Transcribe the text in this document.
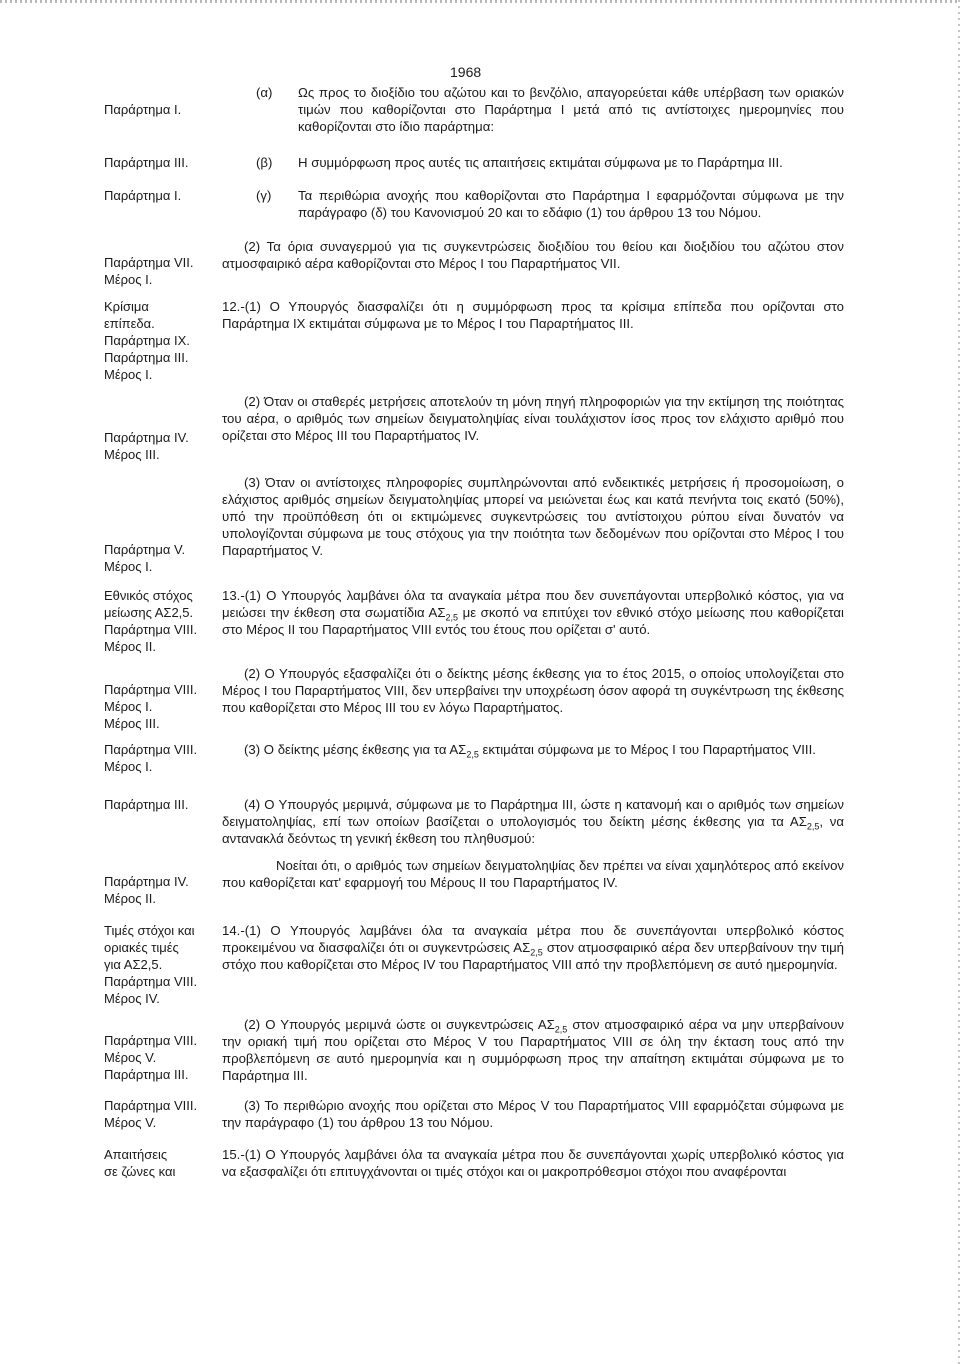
1968
Παράρτημα Ι.
Παράρτημα ΙΙΙ.
Παράρτημα Ι.
Παράρτημα VII.
Μέρος Ι.
Κρίσιμα
επίπεδα.
Παράρτημα ΙΧ.
Παράρτημα ΙΙΙ.
Μέρος Ι.
Παράρτημα IV.
Μέρος ΙΙΙ.
Παράρτημα V.
Μέρος Ι.
Εθνικός στόχος
μείωσης ΑΣ2,5.
Παράρτημα VIII.
Μέρος ΙΙ.
Παράρτημα VIII.
Μέρος Ι.
Μέρος ΙΙΙ.
Παράρτημα VIII.
Μέρος Ι.
Παράρτημα ΙΙΙ.
Παράρτημα IV.
Μέρος ΙΙ.
Τιμές στόχοι και
οριακές τιμές
για ΑΣ2,5.
Παράρτημα VIII.
Μέρος IV.
Παράρτημα VIII.
Μέρος V.
Παράρτημα ΙΙΙ.
Παράρτημα VIII.
Μέρος V.
Απαιτήσεις
σε ζώνες και
(α) Ως προς το διοξίδιο του αζώτου και το βενζόλιο, απαγορεύεται κάθε υπέρβαση των οριακών τιμών που καθορίζονται στο Παράρτημα Ι μετά από τις αντίστοιχες ημερομηνίες που καθορίζονται στο ίδιο παράρτημα:
(β) Η συμμόρφωση προς αυτές τις απαιτήσεις εκτιμάται σύμφωνα με το Παράρτημα ΙΙΙ.
(γ) Τα περιθώρια ανοχής που καθορίζονται στο Παράρτημα Ι εφαρμόζονται σύμφωνα με την παράγραφο (δ) του Κανονισμού 20 και το εδάφιο (1) του άρθρου 13 του Νόμου.
(2) Τα όρια συναγερμού για τις συγκεντρώσεις διοξιδίου του θείου και διοξιδίου του αζώτου στον ατμοσφαιρικό αέρα καθορίζονται στο Μέρος Ι του Παραρτήματος VII.
12.-(1) Ο Υπουργός διασφαλίζει ότι η συμμόρφωση προς τα κρίσιμα επίπεδα που ορίζονται στο Παράρτημα ΙΧ εκτιμάται σύμφωνα με το Μέρος Ι του Παραρτήματος ΙΙΙ.
(2) Όταν οι σταθερές μετρήσεις αποτελούν τη μόνη πηγή πληροφοριών για την εκτίμηση της ποιότητας του αέρα, ο αριθμός των σημείων δειγματοληψίας είναι τουλάχιστον ίσος προς τον ελάχιστο αριθμό που ορίζεται στο Μέρος ΙΙΙ του Παραρτήματος IV.
(3) Όταν οι αντίστοιχες πληροφορίες συμπληρώνονται από ενδεικτικές μετρήσεις ή προσομοίωση, ο ελάχιστος αριθμός σημείων δειγματοληψίας μπορεί να μειώνεται έως και κατά πενήντα τοις εκατό (50%), υπό την προϋπόθεση ότι οι εκτιμώμενες συγκεντρώσεις του αντίστοιχου ρύπου είναι δυνατόν να υπολογίζονται σύμφωνα με τους στόχους για την ποιότητα των δεδομένων που ορίζονται στο Μέρος Ι του Παραρτήματος V.
13.-(1) Ο Υπουργός λαμβάνει όλα τα αναγκαία μέτρα που δεν συνεπάγονται υπερβολικό κόστος, για να μειώσει την έκθεση στα σωματίδια $A\Sigma_{2,5}$ με σκοπό να επιτύχει τον εθνικό στόχο μείωσης που καθορίζεται στο Μέρος ΙΙ του Παραρτήματος VIII εντός του έτους που ορίζεται σ' αυτό.
(2) Ο Υπουργός εξασφαλίζει ότι ο δείκτης μέσης έκθεσης για το έτος 2015, ο οποίος υπολογίζεται στο Μέρος Ι του Παραρτήματος VIII, δεν υπερβαίνει την υποχρέωση όσον αφορά τη συγκέντρωση της έκθεσης που καθορίζεται στο Μέρος ΙΙΙ του εν λόγω Παραρτήματος.
(3) Ο δείκτης μέσης έκθεσης για τα $A\Sigma_{2,5}$ εκτιμάται σύμφωνα με το Μέρος Ι του Παραρτήματος VIII.
(4) Ο Υπουργός μεριμνά, σύμφωνα με το Παράρτημα ΙΙΙ, ώστε η κατανομή και ο αριθμός των σημείων δειγματοληψίας, επί των οποίων βασίζεται ο υπολογισμός του δείκτη μέσης έκθεσης για τα $A\Sigma_{2,5}$, να αντανακλά δεόντως τη γενική έκθεση του πληθυσμού:
Νοείται ότι, ο αριθμός των σημείων δειγματοληψίας δεν πρέπει να είναι χαμηλότερος από εκείνον που καθορίζεται κατ' εφαρμογή του Μέρους ΙΙ του Παραρτήματος IV.
14.-(1) Ο Υπουργός λαμβάνει όλα τα αναγκαία μέτρα που δε συνεπάγονται υπερβολικό κόστος προκειμένου να διασφαλίζει ότι οι συγκεντρώσεις $A\Sigma_{2,5}$ στον ατμοσφαιρικό αέρα δεν υπερβαίνουν την τιμή στόχο που καθορίζεται στο Μέρος IV του Παραρτήματος VIII από την προβλεπόμενη σε αυτό ημερομηνία.
(2) Ο Υπουργός μεριμνά ώστε οι συγκεντρώσεις $A\Sigma_{2,5}$ στον ατμοσφαιρικό αέρα να μην υπερβαίνουν την οριακή τιμή που ορίζεται στο Μέρος V του Παραρτήματος VIII σε όλη την έκταση τους από την προβλεπόμενη σε αυτό ημερομηνία και η συμμόρφωση προς την απαίτηση εκτιμάται σύμφωνα με το Παράρτημα ΙΙΙ.
(3) Το περιθώριο ανοχής που ορίζεται στο Μέρος V του Παραρτήματος VIII εφαρμόζεται σύμφωνα με την παράγραφο (1) του άρθρου 13 του Νόμου.
15.-(1) Ο Υπουργός λαμβάνει όλα τα αναγκαία μέτρα που δε συνεπάγονται χωρίς υπερβολικό κόστος για να εξασφαλίζει ότι επιτυγχάνονται οι τιμές στόχοι και οι μακροπρόθεσμοι στόχοι που αναφέρονται
